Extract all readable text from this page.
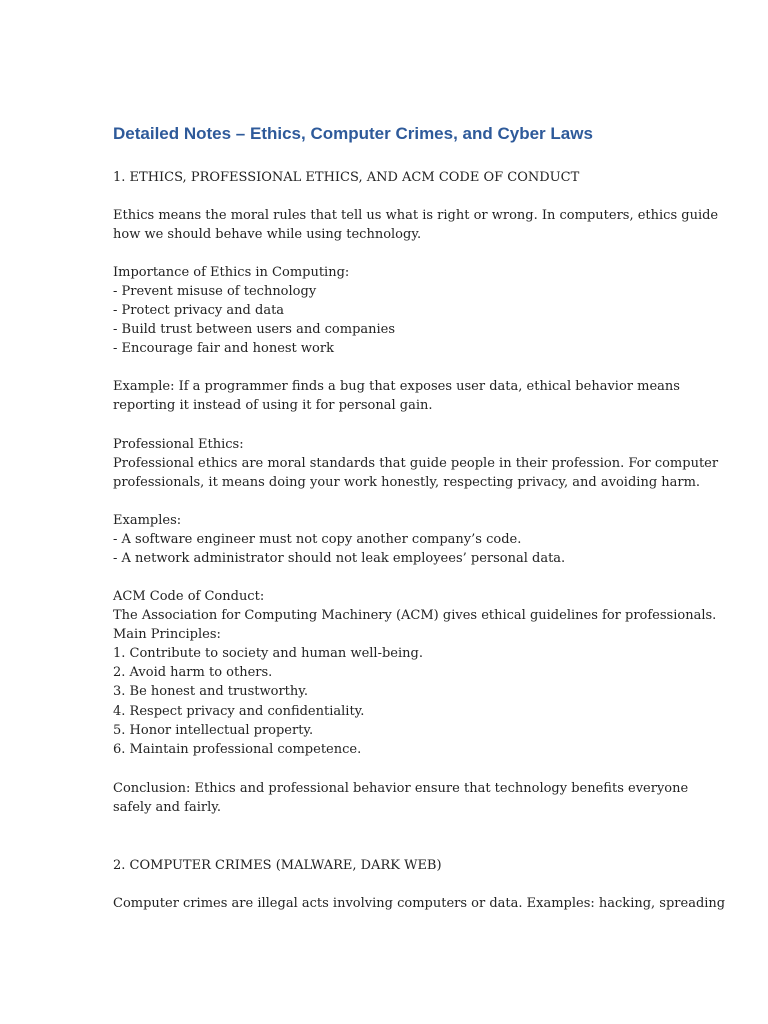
Detailed Notes – Ethics, Computer Crimes, and Cyber Laws

1. ETHICS, PROFESSIONAL ETHICS, AND ACM CODE OF CONDUCT

Ethics means the moral rules that tell us what is right or wrong. In computers, ethics guide

how we should behave while using technology.

Importance of Ethics in Computing:

- Prevent misuse of technology

- Protect privacy and data

- Build trust between users and companies

- Encourage fair and honest work

Example: If a programmer finds a bug that exposes user data, ethical behavior means

reporting it instead of using it for personal gain.

Professional Ethics:

Professional ethics are moral standards that guide people in their profession. For computer

professionals, it means doing your work honestly, respecting privacy, and avoiding harm.

Examples:

- A software engineer must not copy another company’s code.

- A network administrator should not leak employees’ personal data.

ACM Code of Conduct:

The Association for Computing Machinery (ACM) gives ethical guidelines for professionals.

Main Principles:

1. Contribute to society and human well-being.

2. Avoid harm to others.

3. Be honest and trustworthy.

4. Respect privacy and confidentiality.

5. Honor intellectual property.

6. Maintain professional competence.

Conclusion: Ethics and professional behavior ensure that technology benefits everyone

safely and fairly.

2. COMPUTER CRIMES (MALWARE, DARK WEB)

Computer crimes are illegal acts involving computers or data. Examples: hacking, spreading
